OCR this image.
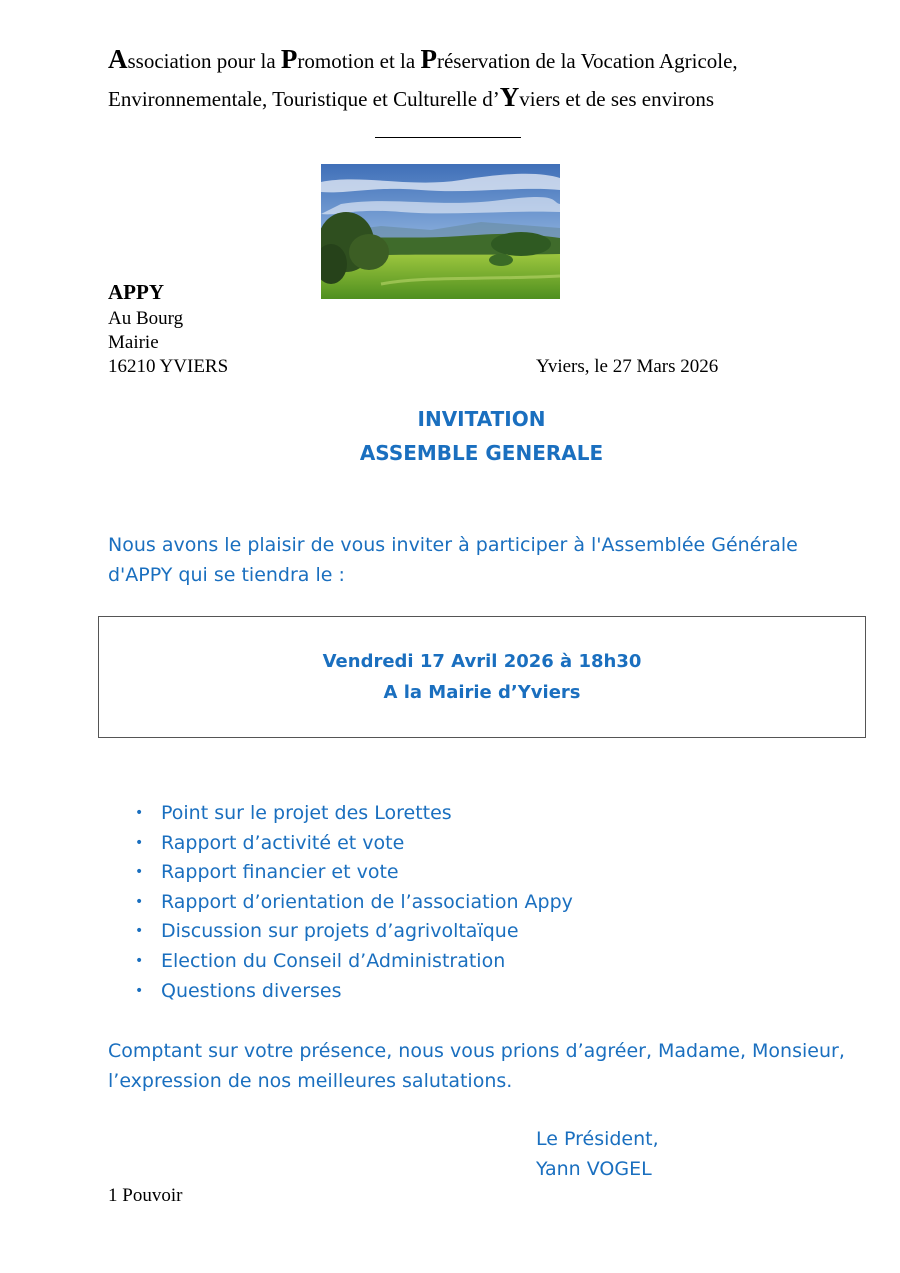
Association pour la Promotion et la Préservation de la Vocation Agricole,
Environnementale, Touristique et Culturelle d’Yviers et de ses environs
APPY
Au Bourg
Mairie
16210 YVIERS	Yviers, le 27 Mars 2026
INVITATION
ASSEMBLE GENERALE
Nous avons le plaisir de vous inviter à participer à l'Assemblée Générale d'APPY qui se tiendra le :
Vendredi 17 Avril 2026 à 18h30
A la Mairie d’Yviers
• Point sur le projet des Lorettes
• Rapport d’activité et vote
• Rapport financier et vote
• Rapport d’orientation de l’association Appy
• Discussion sur projets d’agrivoltaïque
• Election du Conseil d’Administration
• Questions diverses
Comptant sur votre présence, nous vous prions d’agréer, Madame, Monsieur, l’expression de nos meilleures salutations.
Le Président,
Yann VOGEL
1 Pouvoir
